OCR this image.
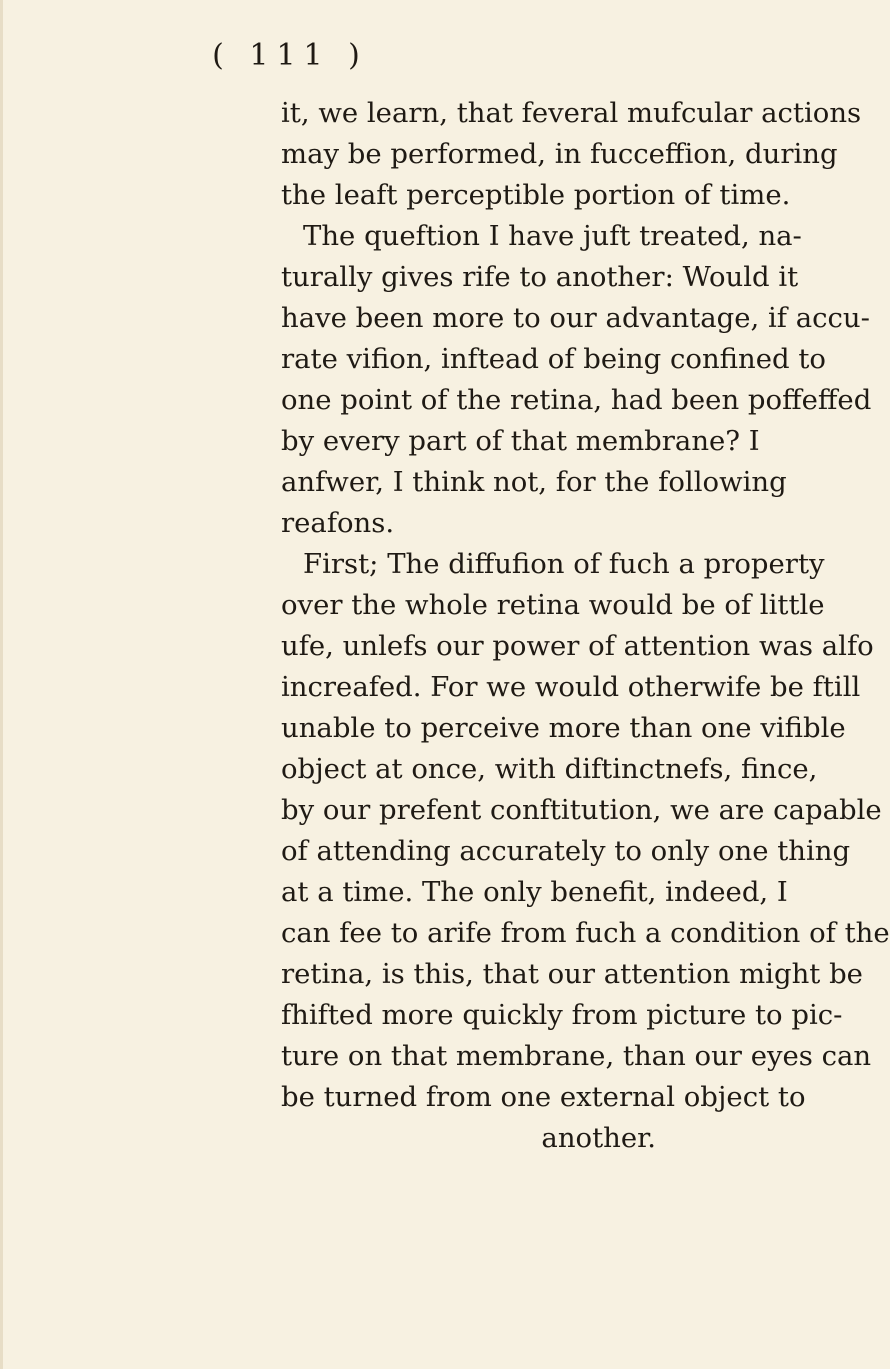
( 111 )
it, we learn, that feveral mufcular actions
may be performed, in fucceffion, during
the leaft perceptible portion of time.
The queftion I have juft treated, na-
turally gives rife to another: Would it
have been more to our advantage, if accu-
rate vifion, inftead of being confined to
one point of the retina, had been poffeffed
by every part of that membrane? I
anfwer, I think not, for the following
reafons.
First; The diffufion of fuch a property
over the whole retina would be of little
ufe, unlefs our power of attention was alfo
increafed. For we would otherwife be ftill
unable to perceive more than one vifible
object at once, with diftinctnefs, fince,
by our prefent conftitution, we are capable
of attending accurately to only one thing
at a time. The only benefit, indeed, I
can fee to arife from fuch a condition of the
retina, is this, that our attention might be
fhifted more quickly from picture to pic-
ture on that membrane, than our eyes can
be turned from one external object to
another.
